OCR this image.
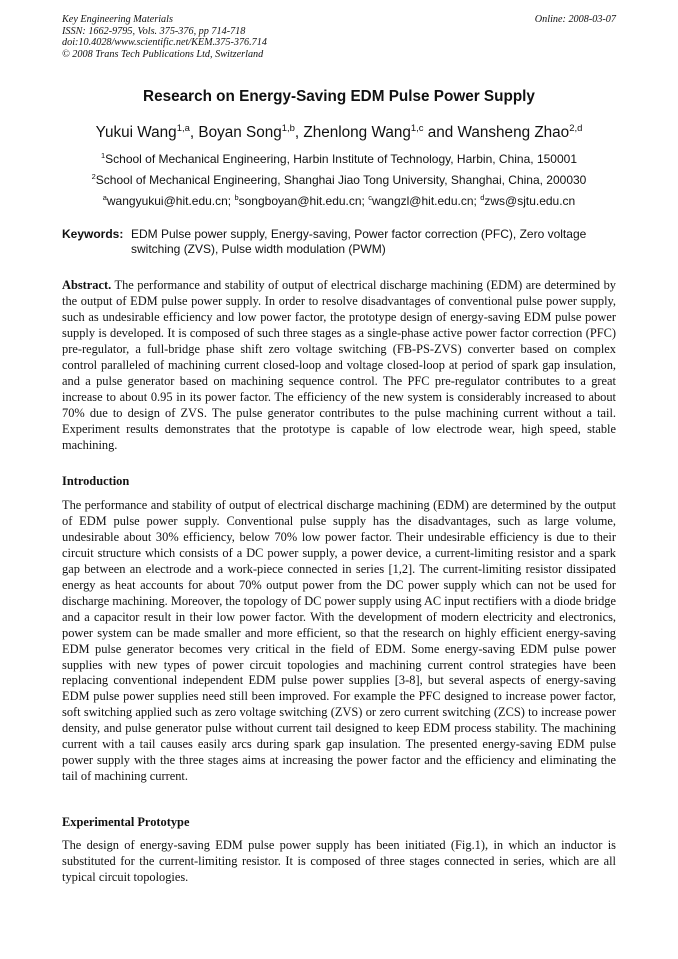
Key Engineering Materials
ISSN: 1662-9795, Vols. 375-376, pp 714-718
doi:10.4028/www.scientific.net/KEM.375-376.714
© 2008 Trans Tech Publications Ltd, Switzerland
Online: 2008-03-07
Research on Energy-Saving EDM Pulse Power Supply
Yukui Wang$^{1,a}$, Boyan Song$^{1,b}$, Zhenlong Wang$^{1,c}$ and Wansheng Zhao$^{2,d}$
$^1$School of Mechanical Engineering, Harbin Institute of Technology, Harbin, China, 150001
$^2$School of Mechanical Engineering, Shanghai Jiao Tong University, Shanghai, China, 200030
$^a$wangyukui@hit.edu.cn; $^b$songboyan@hit.edu.cn; $^c$wangzl@hit.edu.cn; $^d$zws@sjtu.edu.cn
Keywords: EDM Pulse power supply, Energy-saving, Power factor correction (PFC), Zero voltage switching (ZVS), Pulse width modulation (PWM)
Abstract. The performance and stability of output of electrical discharge machining (EDM) are determined by the output of EDM pulse power supply. In order to resolve disadvantages of conventional pulse power supply, such as undesirable efficiency and low power factor, the prototype design of energy-saving EDM pulse power supply is developed. It is composed of such three stages as a single-phase active power factor correction (PFC) pre-regulator, a full-bridge phase shift zero voltage switching (FB-PS-ZVS) converter based on complex control paralleled of machining current closed-loop and voltage closed-loop at period of spark gap insulation, and a pulse generator based on machining sequence control. The PFC pre-regulator contributes to a great increase to about 0.95 in its power factor. The efficiency of the new system is considerably increased to about 70% due to design of ZVS. The pulse generator contributes to the pulse machining current without a tail. Experiment results demonstrates that the prototype is capable of low electrode wear, high speed, stable machining.
Introduction
The performance and stability of output of electrical discharge machining (EDM) are determined by the output of EDM pulse power supply. Conventional pulse supply has the disadvantages, such as large volume, undesirable about 30% efficiency, below 70% low power factor. Their undesirable efficiency is due to their circuit structure which consists of a DC power supply, a power device, a current-limiting resistor and a spark gap between an electrode and a work-piece connected in series [1,2]. The current-limiting resistor dissipated energy as heat accounts for about 70% output power from the DC power supply which can not be used for discharge machining. Moreover, the topology of DC power supply using AC input rectifiers with a diode bridge and a capacitor result in their low power factor. With the development of modern electricity and electronics, power system can be made smaller and more efficient, so that the research on highly efficient energy-saving EDM pulse generator becomes very critical in the field of EDM. Some energy-saving EDM pulse power supplies with new types of power circuit topologies and machining current control strategies have been replacing conventional independent EDM pulse power supplies [3-8], but several aspects of energy-saving EDM pulse power supplies need still been improved. For example the PFC designed to increase power factor, soft switching applied such as zero voltage switching (ZVS) or zero current switching (ZCS) to increase power density, and pulse generator pulse without current tail designed to keep EDM process stability. The machining current with a tail causes easily arcs during spark gap insulation. The presented energy-saving EDM pulse power supply with the three stages aims at increasing the power factor and the efficiency and eliminating the tail of machining current.
Experimental Prototype
The design of energy-saving EDM pulse power supply has been initiated (Fig.1), in which an inductor is substituted for the current-limiting resistor. It is composed of three stages connected in series, which are all typical circuit topologies.
